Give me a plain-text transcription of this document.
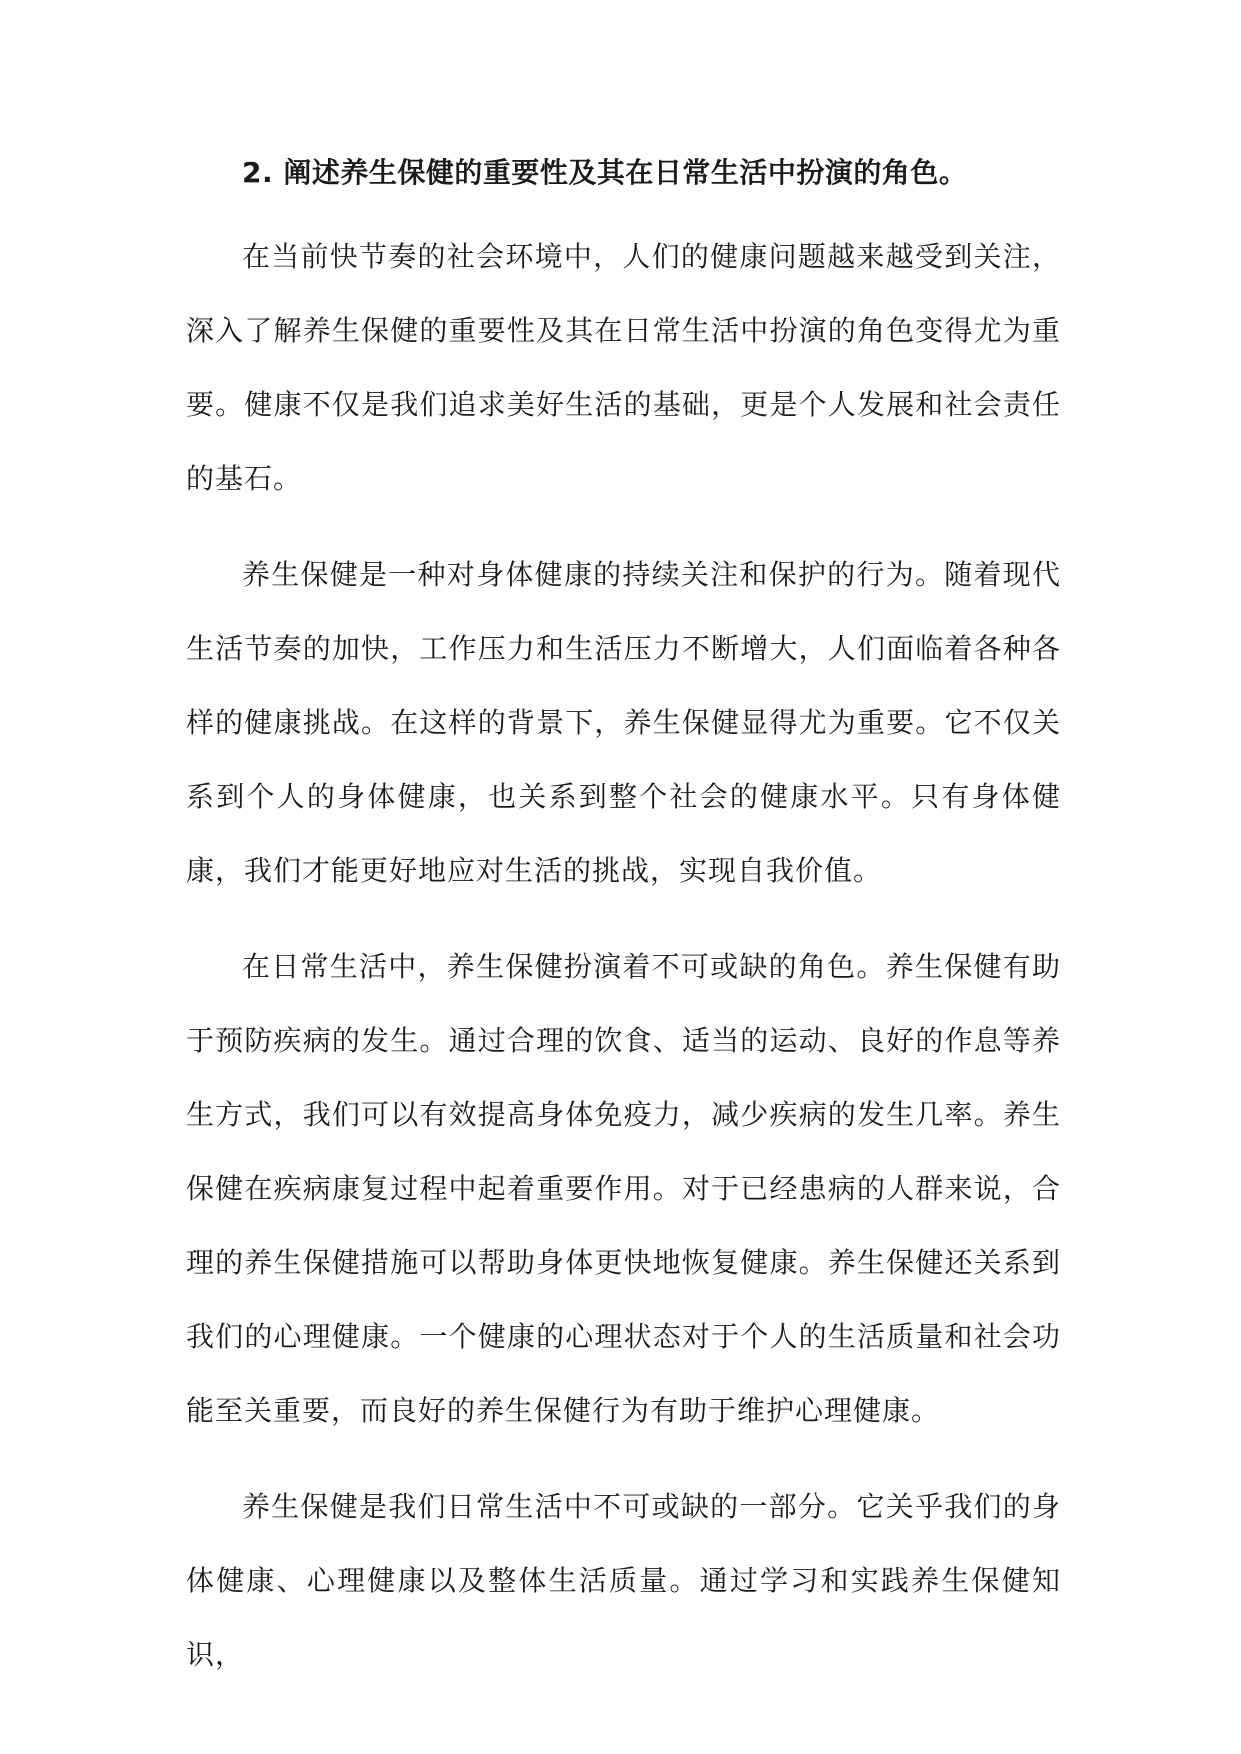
2. 阐述养生保健的重要性及其在日常生活中扮演的角色。

在当前快节奏的社会环境中，人们的健康问题越来越受到关注，深入了解养生保健的重要性及其在日常生活中扮演的角色变得尤为重要。健康不仅是我们追求美好生活的基础，更是个人发展和社会责任的基石。

养生保健是一种对身体健康的持续关注和保护的行为。随着现代生活节奏的加快，工作压力和生活压力不断增大，人们面临着各种各样的健康挑战。在这样的背景下，养生保健显得尤为重要。它不仅关系到个人的身体健康，也关系到整个社会的健康水平。只有身体健康，我们才能更好地应对生活的挑战，实现自我价值。

在日常生活中，养生保健扮演着不可或缺的角色。养生保健有助于预防疾病的发生。通过合理的饮食、适当的运动、良好的作息等养生方式，我们可以有效提高身体免疫力，减少疾病的发生几率。养生保健在疾病康复过程中起着重要作用。对于已经患病的人群来说，合理的养生保健措施可以帮助身体更快地恢复健康。养生保健还关系到我们的心理健康。一个健康的心理状态对于个人的生活质量和社会功能至关重要，而良好的养生保健行为有助于维护心理健康。

养生保健是我们日常生活中不可或缺的一部分。它关乎我们的身体健康、心理健康以及整体生活质量。通过学习和实践养生保健知识，
